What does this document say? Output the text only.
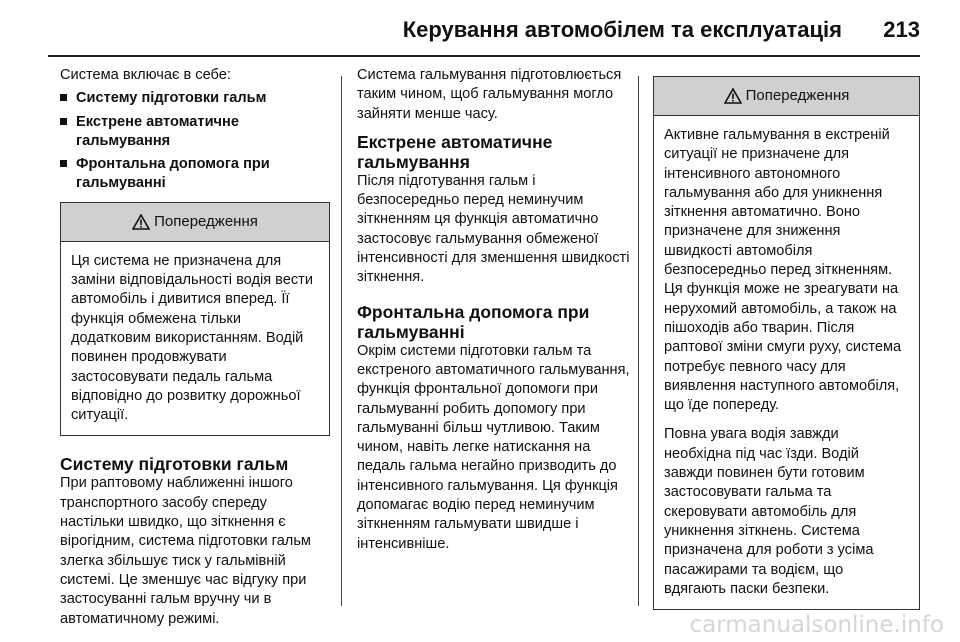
Керування автомобілем та експлуатація 213

Система включає в себе:

Систему підготовки гальм
Екстрене автоматичне гальмування
Фронтальна допомога при гальмуванні
Попередження

Ця система не призначена для заміни відповідальності водія вести автомобіль і дивитися вперед. Її функція обмежена тільки додатковим використанням. Водій повинен продовжувати застосовувати педаль гальма відповідно до розвитку дорожньої ситуації.

Систему підготовки гальм

При раптовому наближенні іншого транспортного засобу спереду настільки швидко, що зіткнення є вірогідним, система підготовки гальм злегка збільшує тиск у гальмівній системі. Це зменшує час відгуку при застосуванні гальм вручну чи в автоматичному режимі.

Система гальмування підготовлюється таким чином, щоб гальмування могло зайняти менше часу.

Екстрене автоматичне гальмування

Після підготування гальм і безпосередньо перед неминучим зіткненням ця функція автоматично застосовує гальмування обмеженої інтенсивності для зменшення швидкості зіткнення.

Фронтальна допомога при гальмуванні

Окрім системи підготовки гальм та екстреного автоматичного гальмування, функція фронтальної допомоги при гальмуванні робить допомогу при гальмуванні більш чутливою. Таким чином, навіть легке натискання на педаль гальма негайно призводить до інтенсивного гальмування. Ця функція допомагає водію перед неминучим зіткненням гальмувати швидше і інтенсивніше.

Попередження

Активне гальмування в екстреній ситуації не призначене для інтенсивного автономного гальмування або для уникнення зіткнення автоматично. Воно призначене для зниження швидкості автомобіля безпосередньо перед зіткненням. Ця функція може не зреагувати на нерухомий автомобіль, а також на пішоходів або тварин. Після раптової зміни смуги руху, система потребує певного часу для виявлення наступного автомобіля, що їде попереду.

Повна увага водія завжди необхідна під час їзди. Водій завжди повинен бути готовим застосовувати гальма та скеровувати автомобіль для уникнення зіткнень. Система призначена для роботи з усіма пасажирами та водієм, що вдягають паски безпеки.

carmanualsonline.info
